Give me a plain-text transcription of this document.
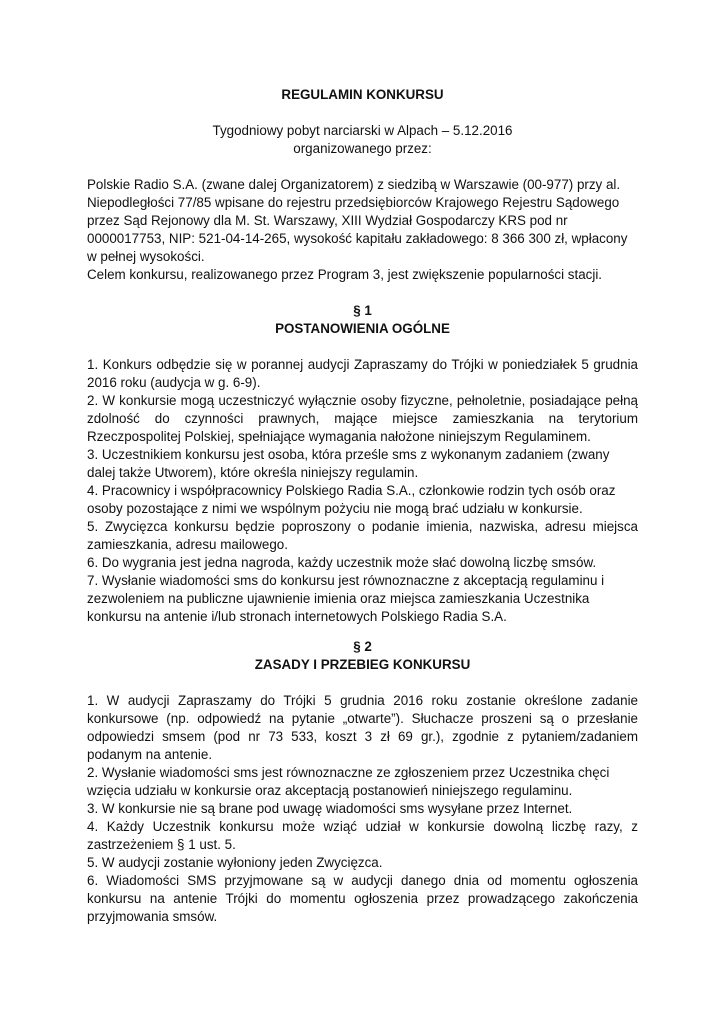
REGULAMIN KONKURSU
Tygodniowy pobyt narciarski w Alpach – 5.12.2016
organizowanego przez:

Polskie Radio S.A. (zwane dalej Organizatorem) z siedzibą w Warszawie (00-977) przy al. Niepodległości 77/85 wpisane do rejestru przedsiębiorców Krajowego Rejestru Sądowego przez Sąd Rejonowy dla M. St. Warszawy, XIII Wydział Gospodarczy KRS pod nr 0000017753, NIP: 521-04-14-265, wysokość kapitału zakładowego: 8 366 300 zł, wpłacony w pełnej wysokości.

Celem konkursu, realizowanego przez Program 3, jest zwiększenie popularności stacji.

§ 1
POSTANOWIENIA OGÓLNE
1. Konkurs odbędzie się w porannej audycji Zapraszamy do Trójki w poniedziałek 5 grudnia 2016 roku (audycja w g. 6-9).
2. W konkursie mogą uczestniczyć wyłącznie osoby fizyczne, pełnoletnie, posiadające pełną zdolność do czynności prawnych, mające miejsce zamieszkania na terytorium Rzeczpospolitej Polskiej, spełniające wymagania nałożone niniejszym Regulaminem.
3. Uczestnikiem konkursu jest osoba, która prześle sms z wykonanym zadaniem (zwany dalej także Utworem), które określa niniejszy regulamin.
4. Pracownicy i współpracownicy Polskiego Radia S.A., członkowie rodzin tych osób oraz osoby pozostające z nimi we wspólnym pożyciu nie mogą brać udziału w konkursie.
5. Zwycięzca konkursu będzie poproszony o podanie imienia, nazwiska, adresu miejsca zamieszkania, adresu mailowego.
6. Do wygrania jest jedna nagroda, każdy uczestnik może słać dowolną liczbę smsów.
7. Wysłanie wiadomości sms do konkursu jest równoznaczne z akceptacją regulaminu i zezwoleniem na publiczne ujawnienie imienia oraz miejsca zamieszkania Uczestnika konkursu na antenie i/lub stronach internetowych Polskiego Radia S.A.
§ 2
ZASADY I PRZEBIEG KONKURSU
1. W audycji Zapraszamy do Trójki 5 grudnia 2016 roku zostanie określone zadanie konkursowe (np. odpowiedź na pytanie „otwarte”). Słuchacze proszeni są o przesłanie odpowiedzi smsem (pod nr 73 533, koszt 3 zł 69 gr.), zgodnie z pytaniem/zadaniem podanym na antenie.
2. Wysłanie wiadomości sms jest równoznaczne ze zgłoszeniem przez Uczestnika chęci wzięcia udziału w konkursie oraz akceptacją postanowień niniejszego regulaminu.
3. W konkursie nie są brane pod uwagę wiadomości sms wysyłane przez Internet.
4. Każdy Uczestnik konkursu może wziąć udział w konkursie dowolną liczbę razy, z zastrzeżeniem § 1 ust. 5.
5. W audycji zostanie wyłoniony jeden Zwycięzca.
6. Wiadomości SMS przyjmowane są w audycji danego dnia od momentu ogłoszenia konkursu na antenie Trójki do momentu ogłoszenia przez prowadzącego zakończenia przyjmowania smsów.
